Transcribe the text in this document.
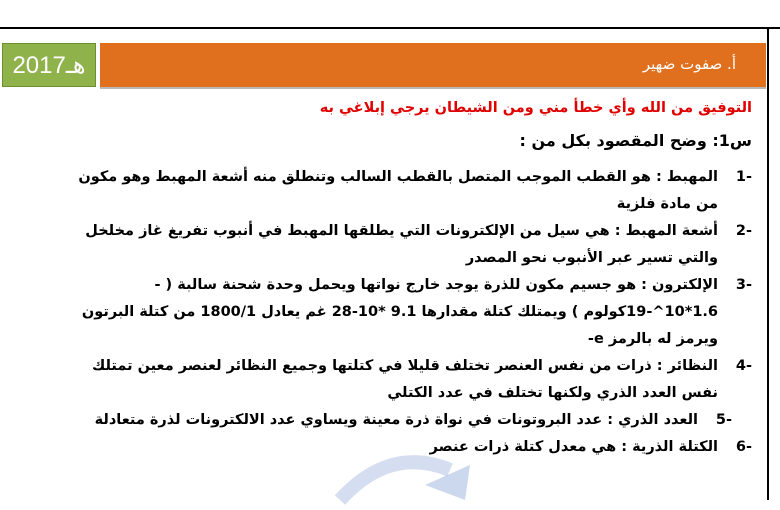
2017هـ	أ. صفوت ضهير

التوفيق من الله وأي خطأ مني ومن الشيطان يرجي إبلاغي به

س1: وضح المقصود بكل من :

-1
المهبط : هو القطب الموجب المتصل بالقطب السالب وتنطلق منه أشعة المهبط وهو مكون من مادة فلزية
-2
أشعة المهبط : هي سيل من الإلكترونات التي يطلقها المهبط في أنبوب تفريغ غاز مخلخل والتي تسير عبر الأنبوب نحو المصدر
-3
الإلكترون : هو جسيم مكون للذرة يوجد خارج نواتها ويحمل وحدة شحنة سالبة ( - 1.6*10^-19كولوم ) ويمتلك كتلة مقدارها 9.1 *10-28 غم يعادل 1800/1 من كتلة البرتون ويرمز له بالرمز e-
-4
النظائر : ذرات من نفس العنصر تختلف قليلا في كتلتها وجميع النظائر لعنصر معين تمتلك نفس العدد الذري ولكنها تختلف في عدد الكتلي
-5
العدد الذري : عدد البروتونات في نواة ذرة معينة ويساوي عدد الالكترونات لذرة متعادلة
-6
الكتلة الذرية : هي معدل كتلة ذرات عنصر
